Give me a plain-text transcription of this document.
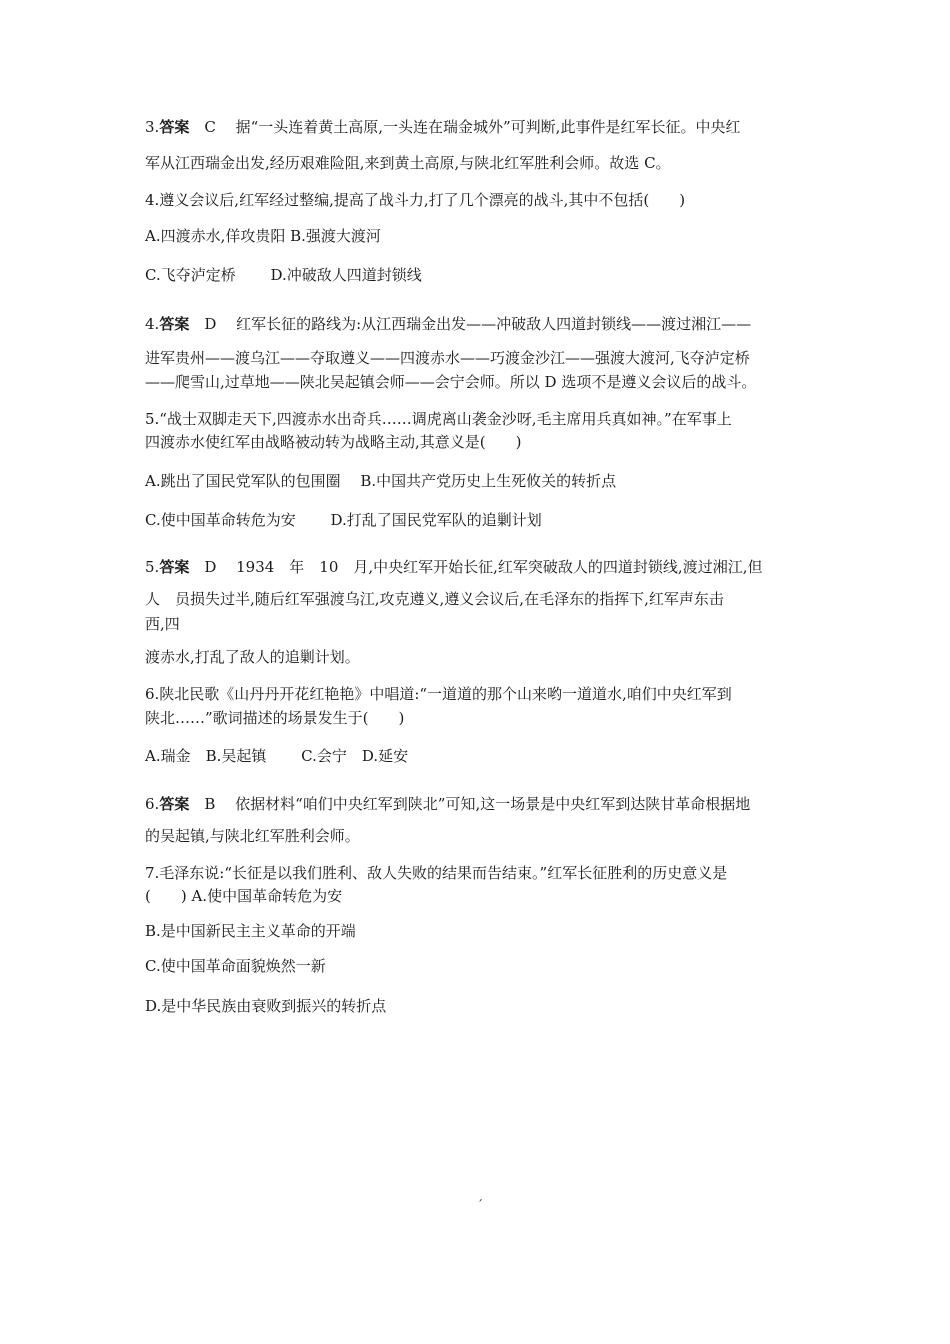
3.答案　C　 据“一头连着黄土高原,一头连在瑞金城外”可判断,此事件是红军长征。中央红
军从江西瑞金出发,经历艰难险阻,来到黄土高原,与陕北红军胜利会师。故选 C。
4.遵义会议后,红军经过整编,提高了战斗力,打了几个漂亮的战斗,其中不包括(　　)
A.四渡赤水,佯攻贵阳 B.强渡大渡河
C.飞夺泸定桥　　 D.冲破敌人四道封锁线
4.答案　D　 红军长征的路线为:从江西瑞金出发——冲破敌人四道封锁线——渡过湘江——
进军贵州——渡乌江——夺取遵义——四渡赤水——巧渡金沙江——强渡大渡河,飞夺泸定桥
——爬雪山,过草地——陕北吴起镇会师——会宁会师。所以 D 选项不是遵义会议后的战斗。
5.“战士双脚走天下,四渡赤水出奇兵……调虎离山袭金沙呀,毛主席用兵真如神。”在军事上
四渡赤水使红军由战略被动转为战略主动,其意义是(　　)
A.跳出了国民党军队的包围圈　 B.中国共产党历史上生死攸关的转折点
C.使中国革命转危为安　　 D.打乱了国民党军队的追剿计划
5.答案　D　 1934　年　10　月,中央红军开始长征,红军突破敌人的四道封锁线,渡过湘江,但
人　员损失过半,随后红军强渡乌江,攻克遵义,遵义会议后,在毛泽东的指挥下,红军声东击
西,四
渡赤水,打乱了敌人的追剿计划。
6.陕北民歌《山丹丹开花红艳艳》中唱道:“一道道的那个山来哟一道道水,咱们中央红军到
陕北……”歌词描述的场景发生于(　　)
A.瑞金　B.吴起镇　　 C.会宁　D.延安
6.答案　B　 依据材料“咱们中央红军到陕北”可知,这一场景是中央红军到达陕甘革命根据地
的吴起镇,与陕北红军胜利会师。
7.毛泽东说:“长征是以我们胜利、敌人失败的结果而告结束。”红军长征胜利的历史意义是
(　　) A.使中国革命转危为安
B.是中国新民主主义革命的开端
C.使中国革命面貌焕然一新
D.是中华民族由衰败到振兴的转折点
ˊ
